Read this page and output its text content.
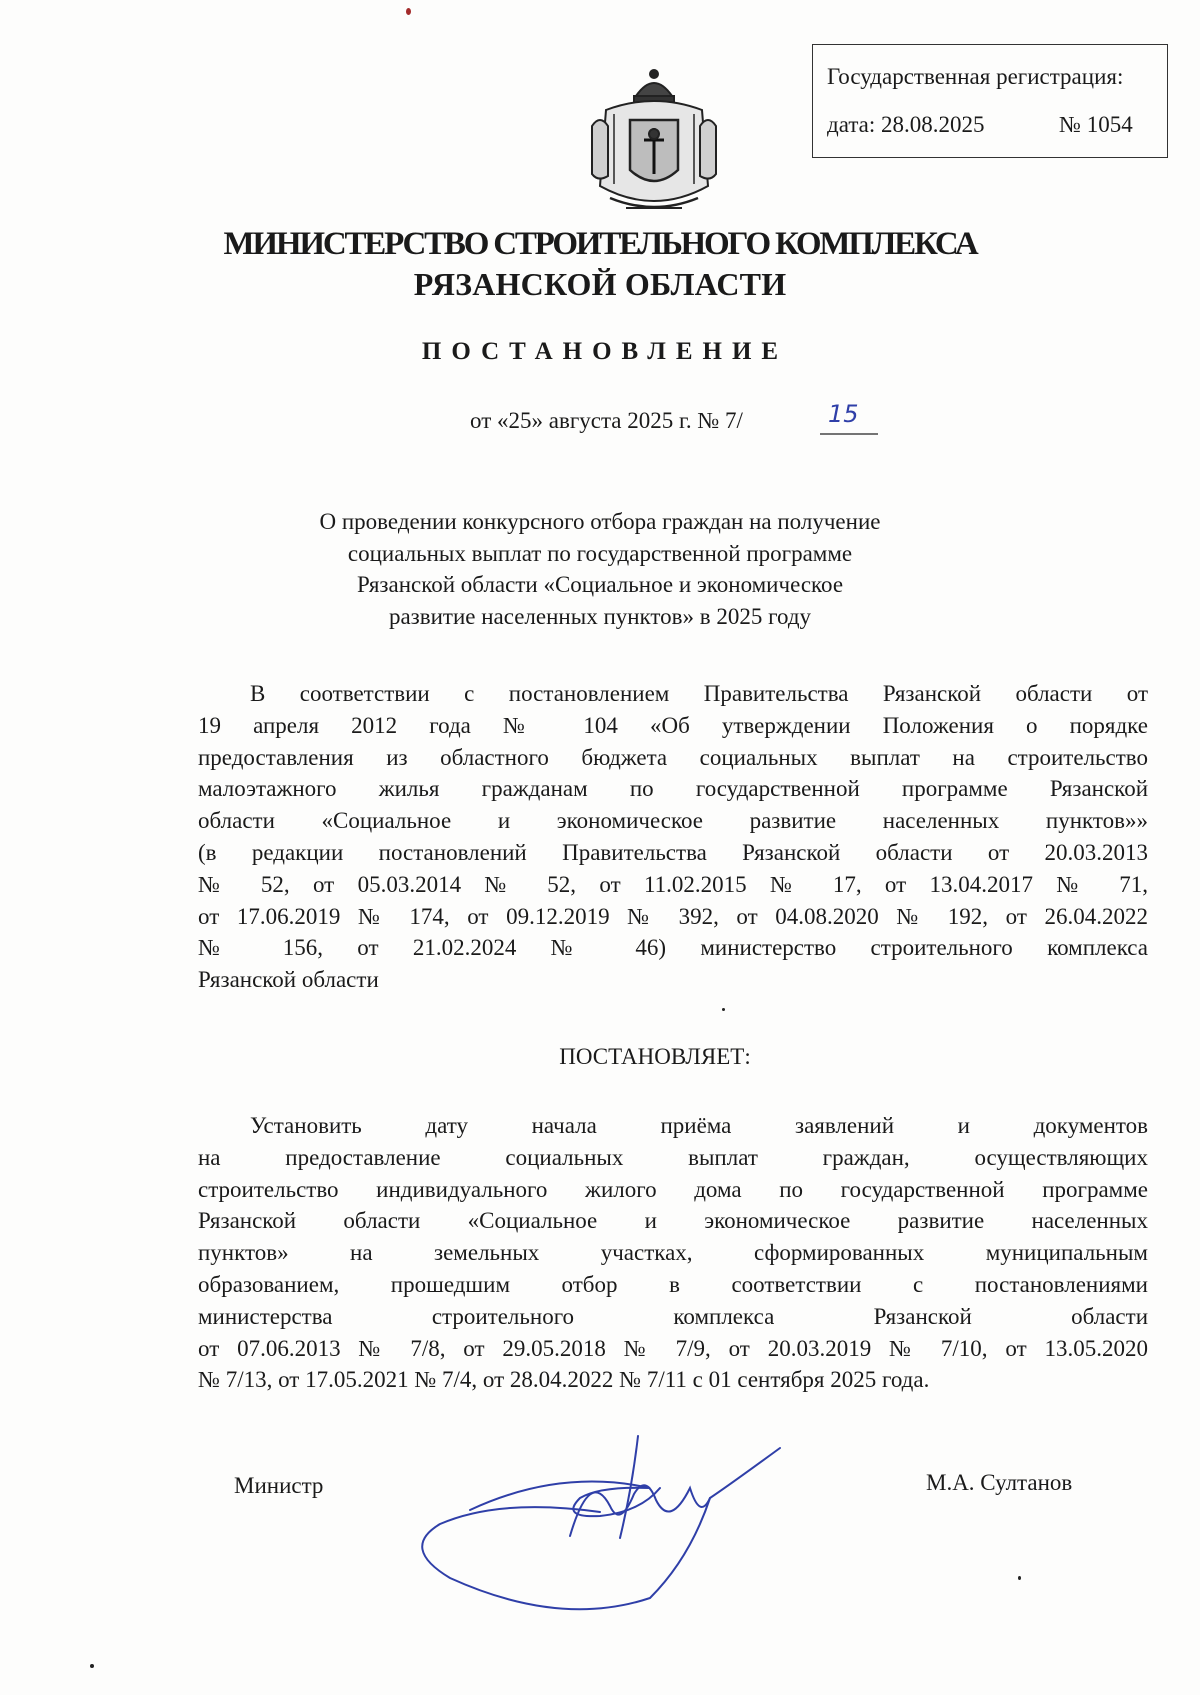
Государственная регистрация:
дата: 28.08.2025	№ 1054
МИНИСТЕРСТВО СТРОИТЕЛЬНОГО КОМПЛЕКСА
РЯЗАНСКОЙ ОБЛАСТИ
ПОСТАНОВЛЕНИЕ
от «25» августа 2025 г. № 7/	15
О проведении конкурсного отбора граждан на получение
социальных выплат по государственной программе
Рязанской области «Социальное и экономическое
развитие населенных пунктов» в 2025 году
В соответствии с постановлением Правительства Рязанской области от
19 апреля 2012 года № 104 «Об утверждении Положения о порядке
предоставления из областного бюджета социальных выплат на строительство
малоэтажного жилья гражданам по государственной программе Рязанской
области «Социальное и экономическое развитие населенных пунктов»»
(в редакции постановлений Правительства Рязанской области от 20.03.2013
№ 52, от 05.03.2014 № 52, от 11.02.2015 № 17, от 13.04.2017 № 71,
от 17.06.2019 № 174, от 09.12.2019 № 392, от 04.08.2020 № 192, от 26.04.2022
№ 156, от 21.02.2024 № 46) министерство строительного комплекса
Рязанской области
ПОСТАНОВЛЯЕТ:
Установить дату начала приёма заявлений и документов
на предоставление социальных выплат граждан, осуществляющих
строительство индивидуального жилого дома по государственной программе
Рязанской области «Социальное и экономическое развитие населенных
пунктов» на земельных участках, сформированных муниципальным
образованием, прошедшим отбор в соответствии с постановлениями
министерства строительного комплекса Рязанской области
от 07.06.2013 № 7/8, от 29.05.2018 № 7/9, от 20.03.2019 № 7/10, от 13.05.2020
№ 7/13, от 17.05.2021 № 7/4, от 28.04.2022 № 7/11 с 01 сентября 2025 года.
Министр	М.А. Султанов
